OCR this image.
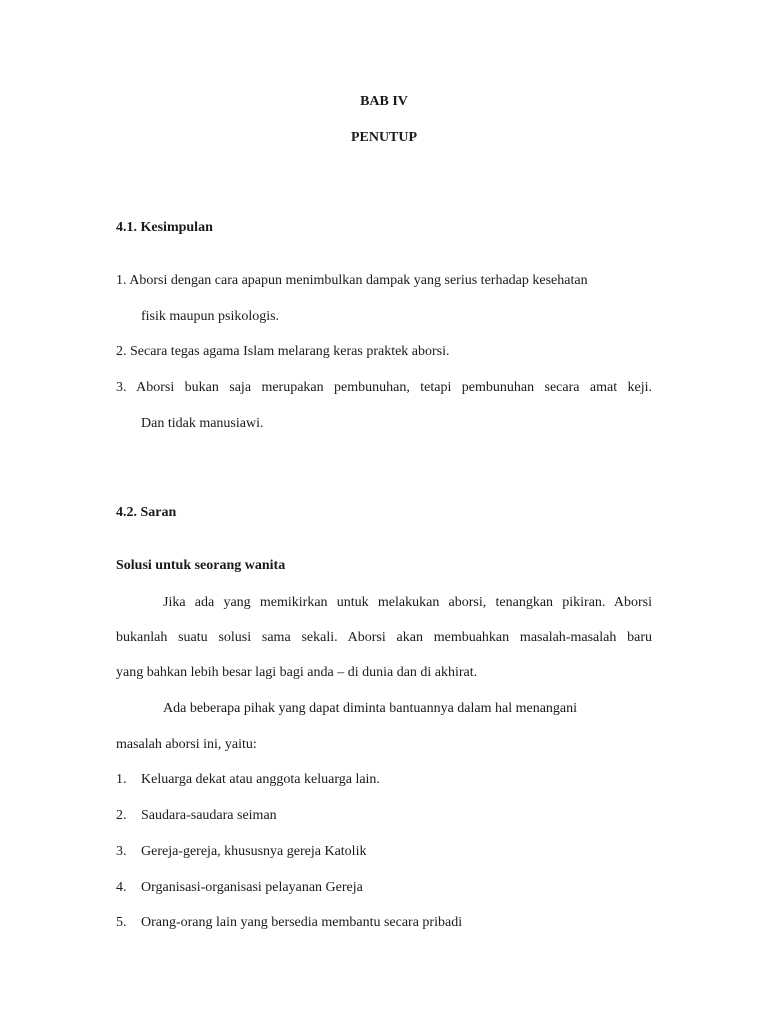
BAB IV
PENUTUP
4.1. Kesimpulan
1. Aborsi dengan cara apapun menimbulkan dampak yang serius terhadap kesehatan
fisik maupun psikologis.
2. Secara tegas agama Islam melarang keras praktek aborsi.
3. Aborsi bukan saja merupakan pembunuhan, tetapi pembunuhan secara amat keji.
Dan tidak manusiawi.
4.2. Saran
Solusi untuk seorang wanita
Jika ada yang memikirkan untuk melakukan aborsi, tenangkan pikiran. Aborsi
bukanlah suatu solusi sama sekali. Aborsi akan membuahkan masalah-masalah baru
yang bahkan lebih besar lagi bagi anda – di dunia dan di akhirat.
Ada beberapa pihak yang dapat diminta bantuannya dalam hal menangani
masalah aborsi ini, yaitu:
1. Keluarga dekat atau anggota keluarga lain.
2. Saudara-saudara seiman
3. Gereja-gereja, khususnya gereja Katolik
4. Organisasi-organisasi pelayanan Gereja
5. Orang-orang lain yang bersedia membantu secara pribadi
